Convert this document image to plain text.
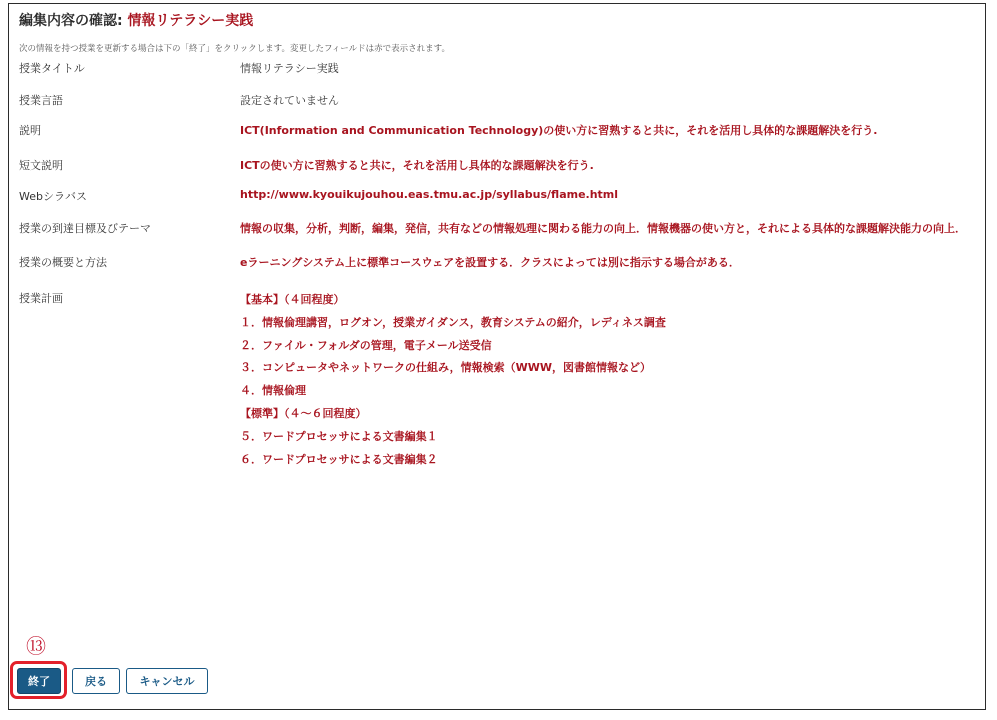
編集内容の確認: 情報リテラシー実践
次の情報を持つ授業を更新する場合は下の「終了」をクリックします。変更したフィールドは赤で表示されます。
授業タイトル	情報リテラシー実践
授業言語	設定されていません
説明	ICT(Information and Communication Technology)の使い方に習熟すると共に，それを活用し具体的な課題解決を行う.
短文説明	ICTの使い方に習熟すると共に，それを活用し具体的な課題解決を行う.
Webシラバス	http://www.kyouikujouhou.eas.tmu.ac.jp/syllabus/flame.html
授業の到達目標及びテーマ	情報の収集，分析，判断，編集，発信，共有などの情報処理に関わる能力の向上．情報機器の使い方と，それによる具体的な課題解決能力の向上．
授業の概要と方法	eラーニングシステム上に標準コースウェアを設置する．クラスによっては別に指示する場合がある．
授業計画	【基本】（４回程度）
１．情報倫理講習，ログオン，授業ガイダンス，教育システムの紹介，レディネス調査
２．ファイル・フォルダの管理，電子メール送受信
３．コンピュータやネットワークの仕組み，情報検索（WWW，図書館情報など）
４．情報倫理
【標準】（４～６回程度）
５．ワードプロセッサによる文書編集１
６．ワードプロセッサによる文書編集２
⑬
終了	戻る	キャンセル
